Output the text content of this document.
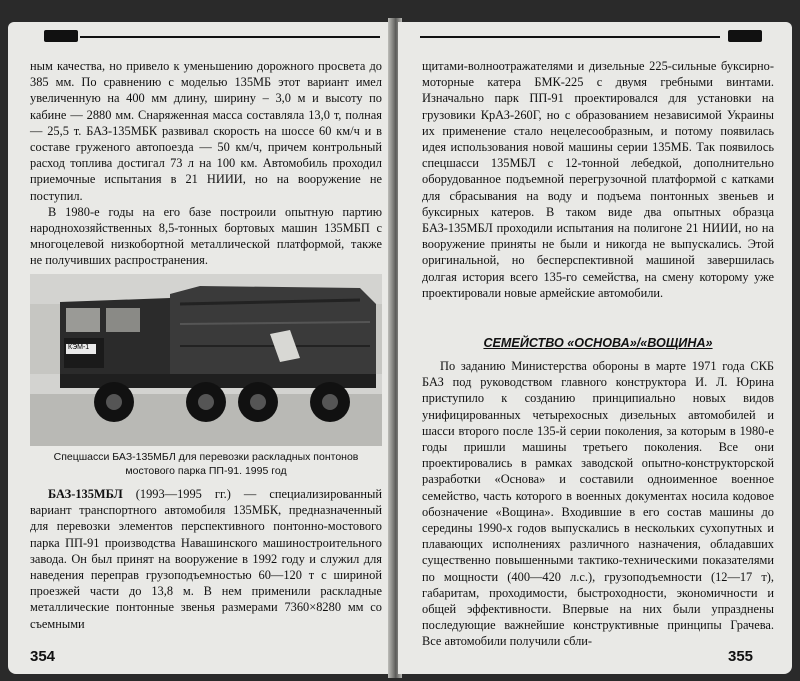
ным качества, но привело к уменьшению дорожного просвета до 385 мм. По сравнению с моделью 135МБ этот вариант имел увеличенную на 400 мм длину, ширину – 3,0 м и высоту по кабине — 2880 мм. Снаряженная масса составляла 13,0 т, полная — 25,5 т. БАЗ-135МБК развивал скорость на шоссе 60 км/ч и в составе груженого автопоезда — 50 км/ч, причем контрольный расход топлива достигал 73 л на 100 км. Автомобиль проходил приемочные испытания в 21 НИИИ, но на вооружение не поступил.

В 1980-е годы на его базе построили опытную партию народнохозяйственных 8,5-тонных бортовых машин 135МБП с многоцелевой низкобортной металлической платформой, также не получивших распространения.

КЭМ-1
Спецшасси БАЗ-135МБЛ для перевозки раскладных понтонов мостового парка ПП-91. 1995 год

БАЗ-135МБЛ (1993—1995 гг.) — специализированный вариант транспортного автомобиля 135МБК, предназначенный для перевозки элементов перспективного понтонно-мостового парка ПП-91 производства Навашинского машиностроительного завода. Он был принят на вооружение в 1992 году и служил для наведения переправ грузоподъемностью 60—120 т с шириной проезжей части до 13,8 м. В нем применили раскладные металлические понтонные звенья размерами 7360×8280 мм со съемными

354

щитами-волноотражателями и дизельные 225-сильные буксирно-моторные катера БМК-225 с двумя гребными винтами. Изначально парк ПП-91 проектировался для установки на грузовики КрАЗ-260Г, но с образованием независимой Украины их применение стало нецелесообразным, и потому появилась идея использования новой машины серии 135МБ. Так появилось спецшасси 135МБЛ с 12-тонной лебедкой, дополнительно оборудованное подъемной перегрузочной платформой с катками для сбрасывания на воду и подъема понтонных звеньев и буксирных катеров. В таком виде два опытных образца БАЗ-135МБЛ проходили испытания на полигоне 21 НИИИ, но на вооружение приняты не были и никогда не выпускались. Этой оригинальной, но бесперспективной машиной завершилась долгая история всего 135-го семейства, на смену которому уже проектировали новые армейские автомобили.

СЕМЕЙСТВО «ОСНОВА»/«ВОЩИНА»

По заданию Министерства обороны в марте 1971 года СКБ БАЗ под руководством главного конструктора И. Л. Юрина приступило к созданию принципиально новых видов унифицированных четырехосных дизельных автомобилей и шасси второго после 135-й серии поколения, за которым в 1980-е годы пришли машины третьего поколения. Все они проектировались в рамках заводской опытно-конструкторской разработки «Основа» и составили одноименное военное семейство, часть которого в военных документах носила кодовое обозначение «Вощина». Входившие в его состав машины до середины 1990-х годов выпускались в нескольких сухопутных и плавающих исполнениях различного назначения, обладавших существенно повышенными тактико-техническими показателями по мощности (400—420 л.с.), грузоподъемности (12—17 т), габаритам, проходимости, быстроходности, экономичности и общей эффективности. Впервые на них были упразднены последующие важнейшие конструктивные принципы Грачева. Все автомобили получили сбли-

355
